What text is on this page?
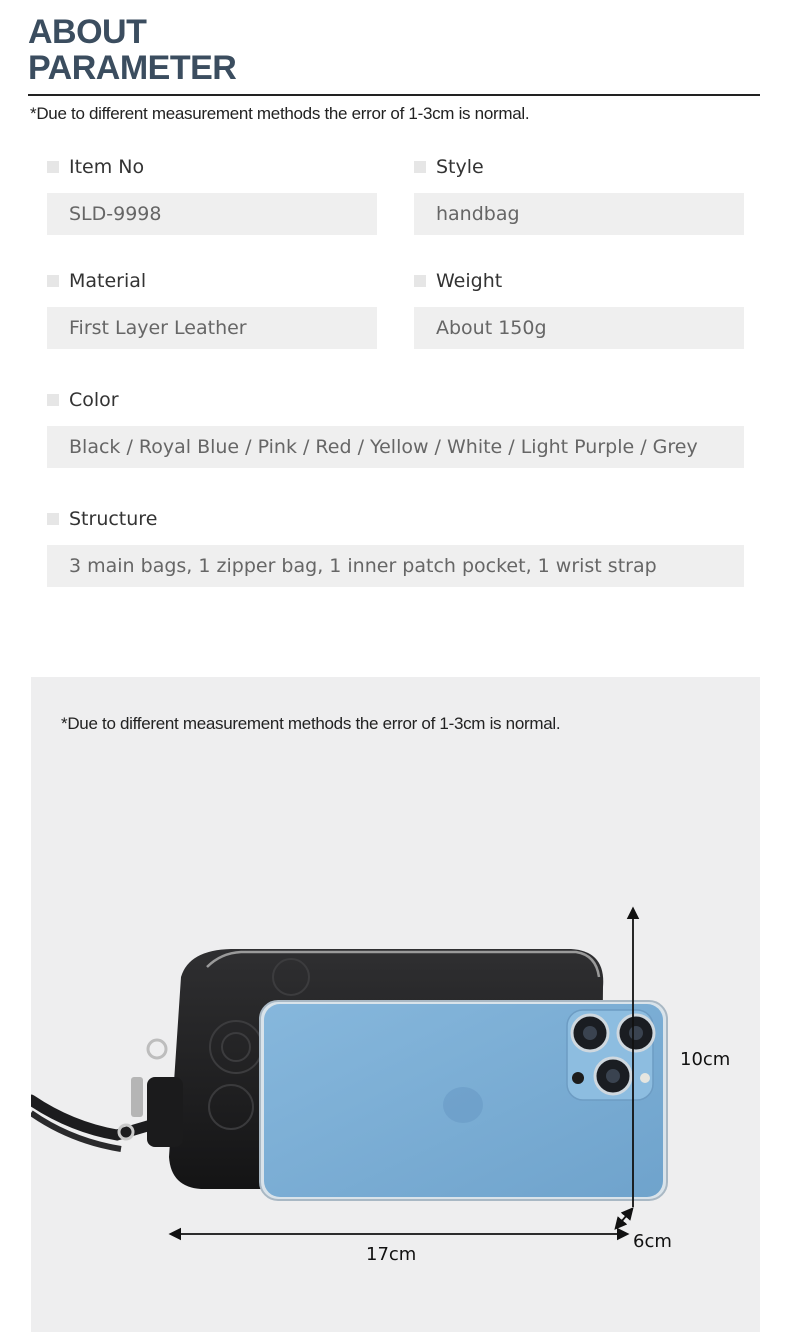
ABOUT
PARAMETER
*Due to different measurement methods the error of 1-3cm is normal.
Item No
SLD-9998
Style
handbag
Material
First Layer Leather
Weight
About 150g
Color
Black / Royal Blue / Pink / Red / Yellow / White / Light Purple / Grey
Structure
3 main bags, 1 zipper bag, 1 inner patch pocket, 1 wrist strap
*Due to different measurement methods the error of 1-3cm is normal.
10cm
17cm
6cm
